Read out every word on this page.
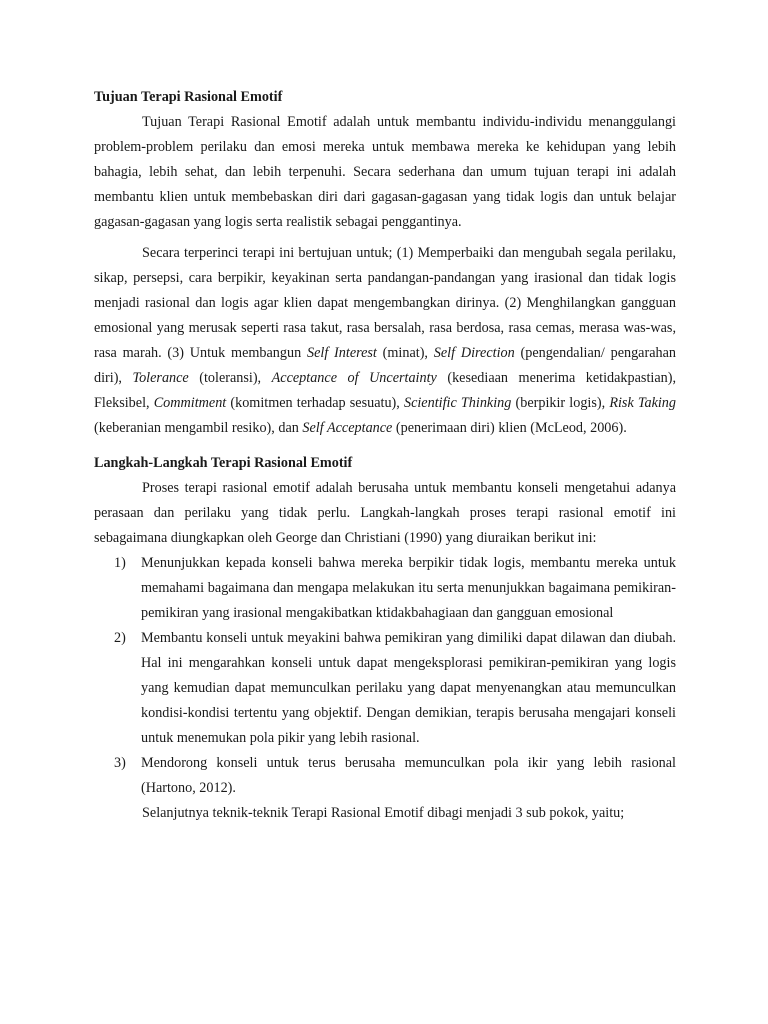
Tujuan Terapi Rasional Emotif

Tujuan Terapi Rasional Emotif adalah untuk membantu individu-individu menanggulangi problem-problem perilaku dan emosi mereka untuk membawa mereka ke kehidupan yang lebih bahagia, lebih sehat, dan lebih terpenuhi. Secara sederhana dan umum tujuan terapi ini adalah membantu klien untuk membebaskan diri dari gagasan-gagasan yang tidak logis dan untuk belajar gagasan-gagasan yang logis serta realistik sebagai penggantinya.

Secara terperinci terapi ini bertujuan untuk; (1) Memperbaiki dan mengubah segala perilaku, sikap, persepsi, cara berpikir, keyakinan serta pandangan-pandangan yang irasional dan tidak logis menjadi rasional dan logis agar klien dapat mengembangkan dirinya. (2) Menghilangkan gangguan emosional yang merusak seperti rasa takut, rasa bersalah, rasa berdosa, rasa cemas, merasa was-was, rasa marah. (3) Untuk membangun Self Interest (minat), Self Direction (pengendalian/ pengarahan diri), Tolerance (toleransi), Acceptance of Uncertainty (kesediaan menerima ketidakpastian), Fleksibel, Commitment (komitmen terhadap sesuatu), Scientific Thinking (berpikir logis), Risk Taking (keberanian mengambil resiko), dan Self Acceptance (penerimaan diri) klien (McLeod, 2006).

Langkah-Langkah Terapi Rasional Emotif

Proses terapi rasional emotif adalah berusaha untuk membantu konseli mengetahui adanya perasaan dan perilaku yang tidak perlu. Langkah-langkah proses terapi rasional emotif ini sebagaimana diungkapkan oleh George dan Christiani (1990) yang diuraikan berikut ini:

1) Menunjukkan kepada konseli bahwa mereka berpikir tidak logis, membantu mereka untuk memahami bagaimana dan mengapa melakukan itu serta menunjukkan bagaimana pemikiran-pemikiran yang irasional mengakibatkan ktidakbahagiaan dan gangguan emosional
2) Membantu konseli untuk meyakini bahwa pemikiran yang dimiliki dapat dilawan dan diubah. Hal ini mengarahkan konseli untuk dapat mengeksplorasi pemikiran-pemikiran yang logis yang kemudian dapat memunculkan perilaku yang dapat menyenangkan atau memunculkan kondisi-kondisi tertentu yang objektif. Dengan demikian, terapis berusaha mengajari konseli untuk menemukan pola pikir yang lebih rasional.
3) Mendorong konseli untuk terus berusaha memunculkan pola ikir yang lebih rasional (Hartono, 2012).

Selanjutnya teknik-teknik Terapi Rasional Emotif dibagi menjadi 3 sub pokok, yaitu;
